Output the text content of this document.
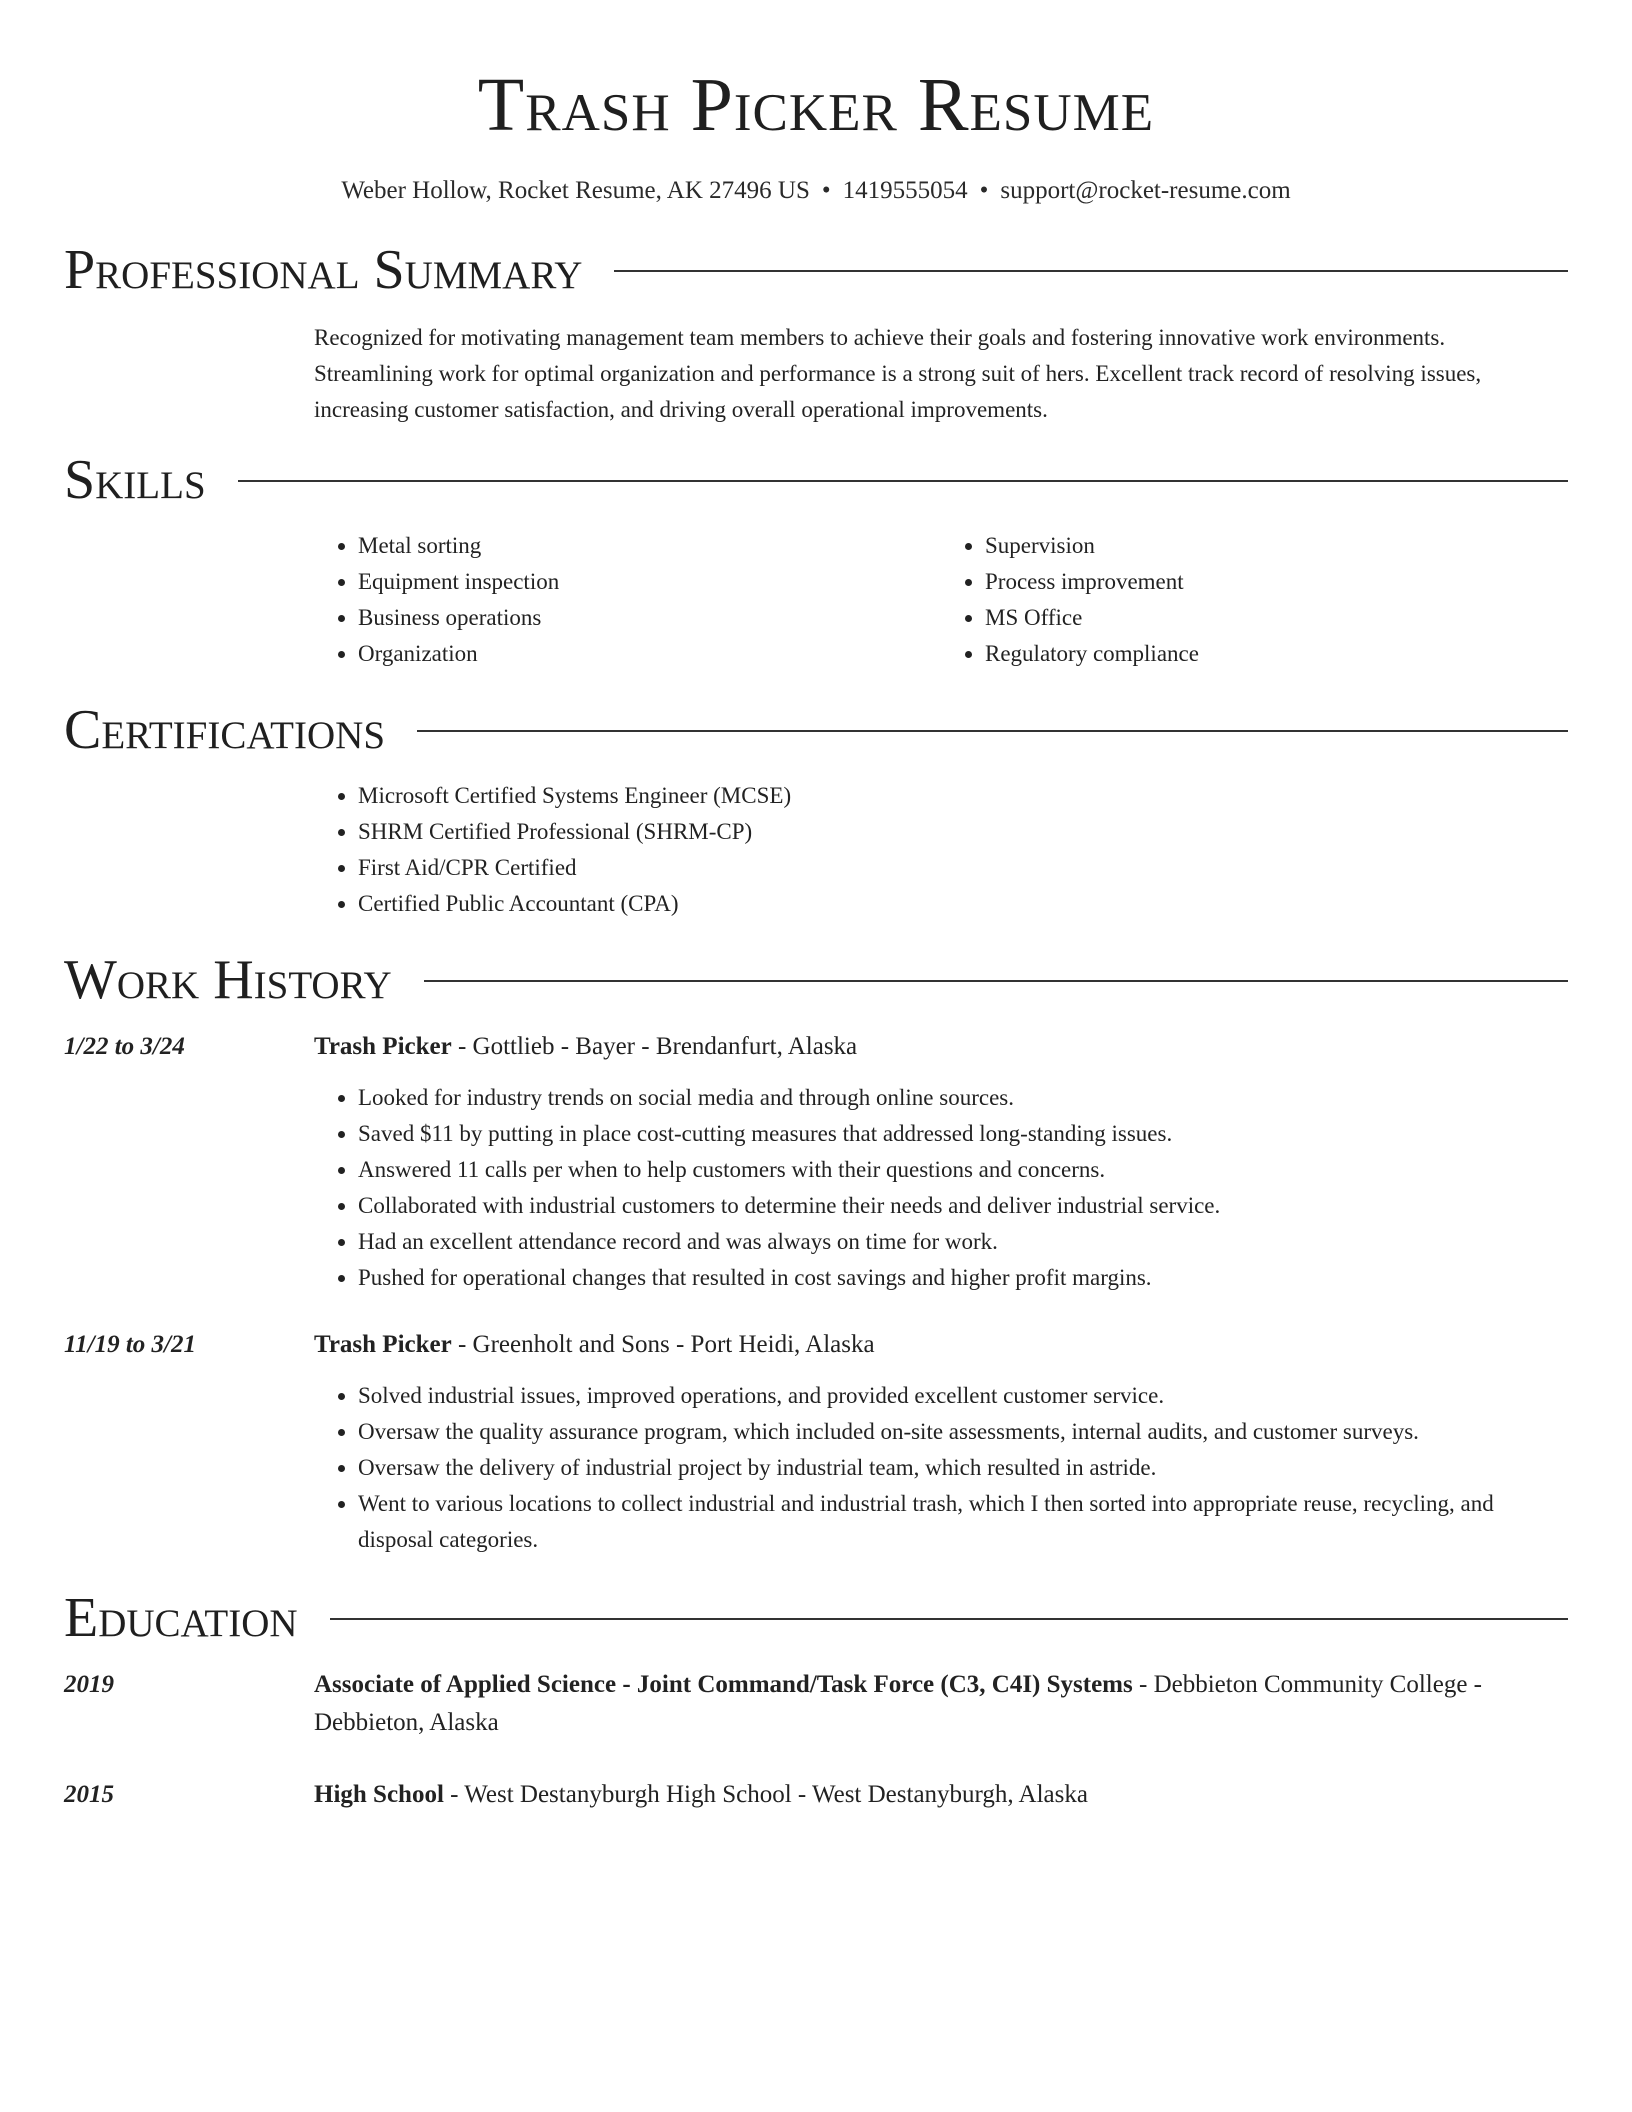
Trash Picker Resume
Weber Hollow, Rocket Resume, AK 27496 US • 1419555054 • support@rocket-resume.com
Professional Summary
Recognized for motivating management team members to achieve their goals and fostering innovative work environments. Streamlining work for optimal organization and performance is a strong suit of hers. Excellent track record of resolving issues, increasing customer satisfaction, and driving overall operational improvements.
Skills
• Metal sorting
• Equipment inspection
• Business operations
• Organization
• Supervision
• Process improvement
• MS Office
• Regulatory compliance
Certifications
• Microsoft Certified Systems Engineer (MCSE)
• SHRM Certified Professional (SHRM-CP)
• First Aid/CPR Certified
• Certified Public Accountant (CPA)
Work History
1/22 to 3/24	Trash Picker - Gottlieb - Bayer - Brendanfurt, Alaska
• Looked for industry trends on social media and through online sources.
• Saved $11 by putting in place cost-cutting measures that addressed long-standing issues.
• Answered 11 calls per when to help customers with their questions and concerns.
• Collaborated with industrial customers to determine their needs and deliver industrial service.
• Had an excellent attendance record and was always on time for work.
• Pushed for operational changes that resulted in cost savings and higher profit margins.
11/19 to 3/21	Trash Picker - Greenholt and Sons - Port Heidi, Alaska
• Solved industrial issues, improved operations, and provided excellent customer service.
• Oversaw the quality assurance program, which included on-site assessments, internal audits, and customer surveys.
• Oversaw the delivery of industrial project by industrial team, which resulted in astride.
• Went to various locations to collect industrial and industrial trash, which I then sorted into appropriate reuse, recycling, and disposal categories.
Education
2019	Associate of Applied Science - Joint Command/Task Force (C3, C4I) Systems - Debbieton Community College - Debbieton, Alaska
2015	High School - West Destanyburgh High School - West Destanyburgh, Alaska
